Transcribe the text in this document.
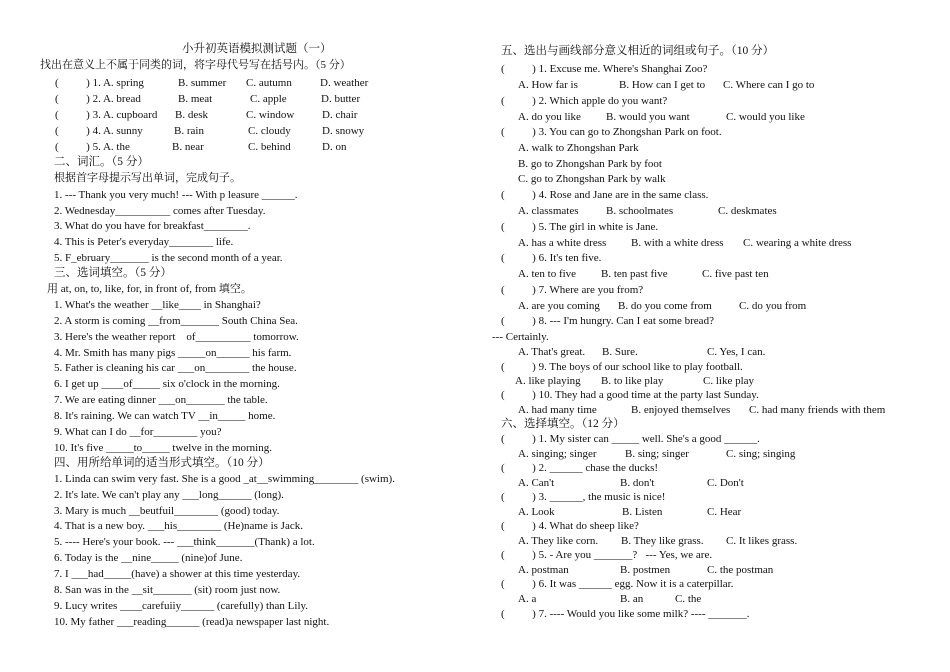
小升初英语模拟测试题（一）
找出在意义上不属于同类的词，将字母代号写在括号内。（5 分）
(          ) 1. A. spring	B. summer C. autumn	D. weather
(          ) 2. A. bread	B. meat	C. apple	D. butter
(          ) 3. A. cupboard B. desk	C. window	D. chair
(          ) 4. A. sunny	B. rain	C. cloudy	D. snowy
(          ) 5. A. the	B. near	C. behind	D. on
二、词汇。（5 分）
根据首字母提示写出单词，完成句子。
1. --- Thank you very much! --- With p leasure ______.
2. Wednesday__________ comes after Tuesday.
3. What do you have for breakfast________.
4. This is Peter's everyday________ life.
5. F_ebruary_______ is the second month of a year.
三、选词填空。（5 分）
用 at, on, to, like, for, in front of, from 填空。
1. What's the weather __like____ in Shanghai?
2. A storm is coming __from_______ South China Sea.
3. Here's the weather report    of__________ tomorrow.
4. Mr. Smith has many pigs _____on______ his farm.
5. Father is cleaning his car ___on________ the house.
6. I get up ____of_____ six o'clock in the morning.
7. We are eating dinner ___on_______ the table.
8. It's raining. We can watch TV __in_____ home.
9. What can I do __for________ you?
10. It's five _____to_____ twelve in the morning.
四、用所给单词的适当形式填空。（10 分）
1. Linda can swim very fast. She is a good _at__swimming________ (swim).
2. It's late. We can't play any ___long______ (long).
3. Mary is much __beutfuil________ (good) today.
4. That is a new boy. ___his________ (He)name is Jack.
5. ---- Here's your book. --- ___think_______(Thank) a lot.
6. Today is the __nine_____ (nine)of June.
7. I ___had_____(have) a shower at this time yesterday.
8. San was in the __sit_______ (sit) room just now.
9. Lucy writes ____carefuiiy______ (carefully) than Lily.
10. My father ___reading______ (read)a newspaper last night.
五、选出与画线部分意义相近的词组或句子。（10 分）
(          ) 1. Excuse me. Where's Shanghai Zoo?
A. How far is	B. How can I get to C. Where can I go to
(          ) 2. Which apple do you want?
A. do you like B. would you want	C. would you like
(          ) 3. You can go to Zhongshan Park on foot.
A. walk to Zhongshan Park
B. go to Zhongshan Park by foot
C. go to Zhongshan Park by walk
(          ) 4. Rose and Jane are in the same class.
A. classmates	B. schoolmates	C. deskmates
(          ) 5. The girl in white is Jane.
A. has a white dress B. with a white dress C. wearing a white dress
(          ) 6. It's ten five.
A. ten to five B. ten past five	C. five past ten
(          ) 7. Where are you from?
A. are you coming B. do you come from C. do you from
(          ) 8. --- I'm hungry. Can I eat some bread?
--- Certainly.
A. That's great. B. Sure.	C. Yes, I can.
(          ) 9. The boys of our school like to play football.
A. like playing B. to like play	C. like play
(          ) 10. They had a good time at the party last Sunday.
A. had many time	B. enjoyed themselves C. had many friends with them
六、选择填空。（12 分）
(          ) 1. My sister can _____ well. She's a good ______.
A. singing; singer	B. sing; singer	C. sing; singing
(          ) 2. ______ chase the ducks!
A. Can't	B. don't	C. Don't
(          ) 3. ______, the music is nice!
A. Look	B. Listen	C. Hear
(          ) 4. What do sheep like?
A. They like corn. B. They like grass. C. It likes grass.
(          ) 5. - Are you _______?   --- Yes, we are.
A. postman	B. postmen	C. the postman
(          ) 6. It was ______ egg. Now it is a caterpillar.
A. a	B. an	C. the
(          ) 7. ---- Would you like some milk? ---- _______.
